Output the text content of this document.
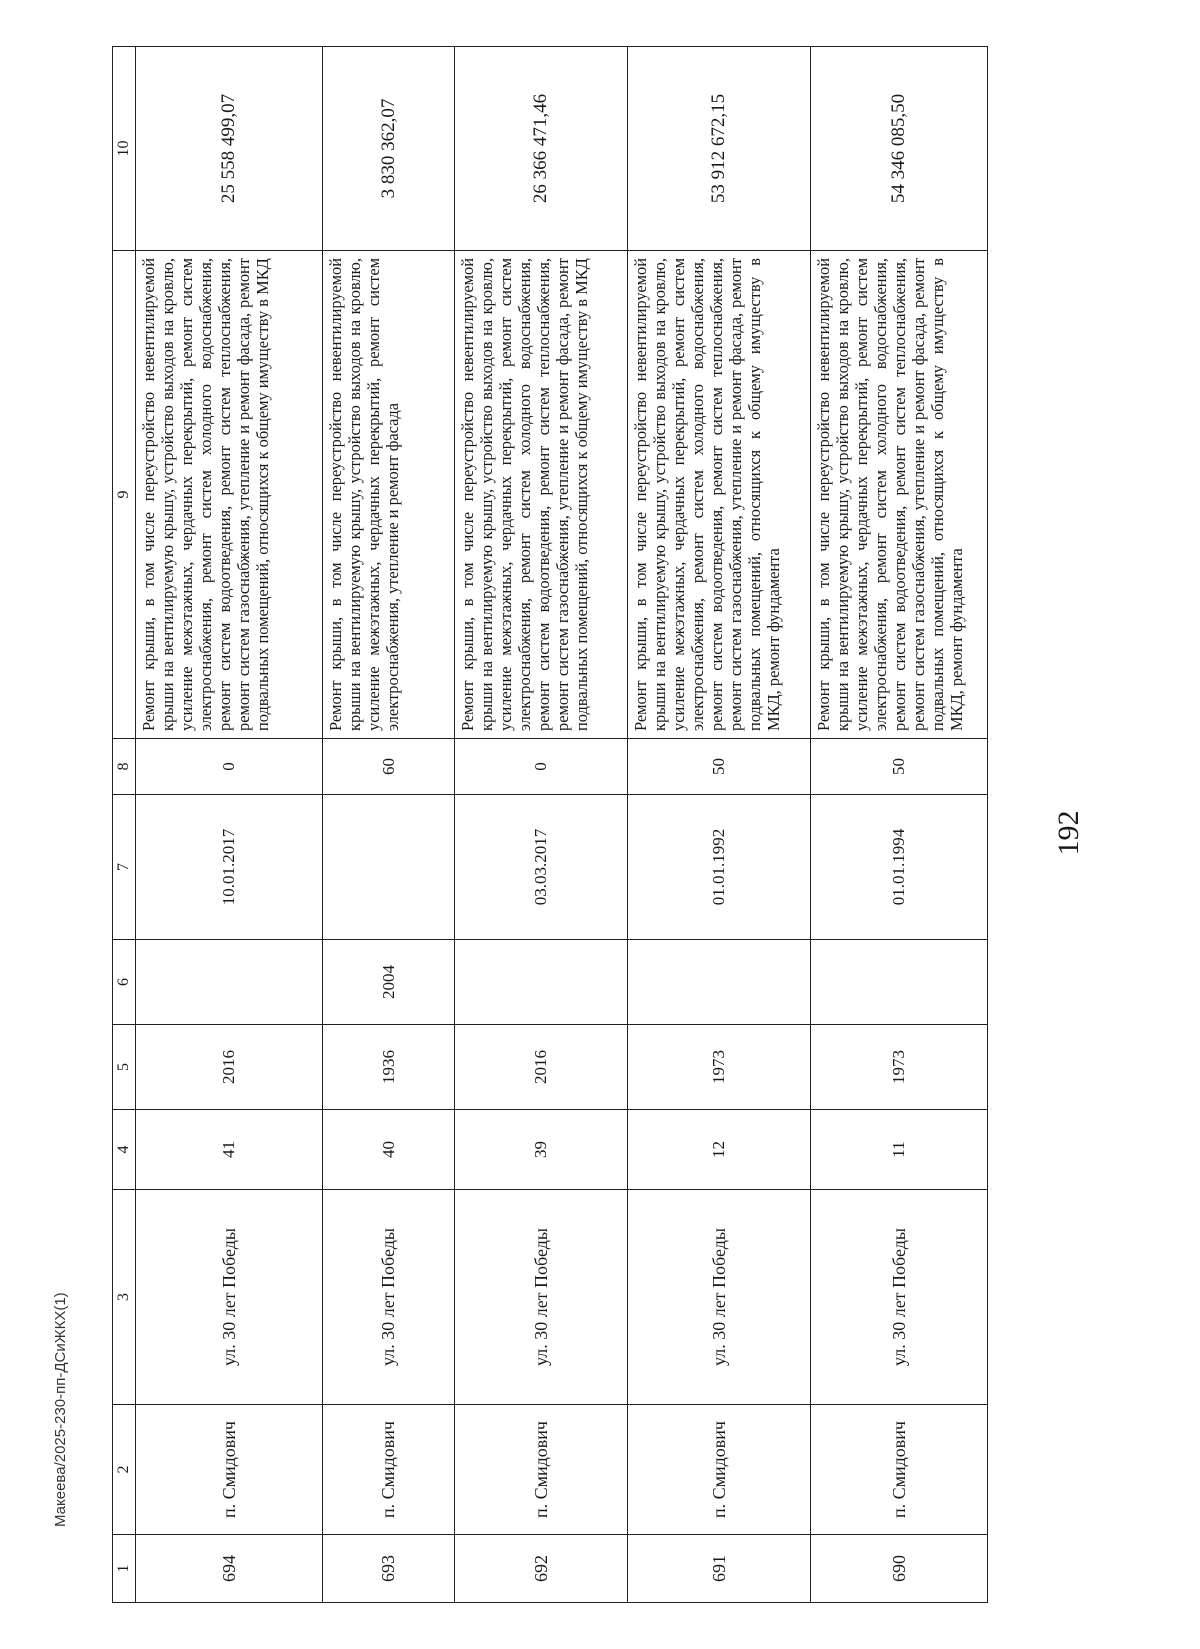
192
1	2	3	4	5	6	7	8	9	10
694	п. Смидович	ул. 30 лет Победы	41	2016		10.01.2017	0	Ремонт крыши, в том числе переустройство невентилируемой крыши на вентилируемую крышу, устройство выходов на кровлю, усиление межэтажных, чердачных перекрытий, ремонт систем электроснабжения, ремонт систем холодного водоснабжения, ремонт систем водоотведения, ремонт систем теплоснабжения, ремонт систем газоснабжения, утепление и ремонт фасада, ремонт подвальных помещений, относящихся к общему имуществу в МКД	25 558 499,07
693	п. Смидович	ул. 30 лет Победы	40	1936	2004		60	Ремонт крыши, в том числе переустройство невентилируемой крыши на вентилируемую крышу, устройство выходов на кровлю, усиление межэтажных, чердачных перекрытий, ремонт систем электроснабжения, утепление и ремонт фасада	3 830 362,07
692	п. Смидович	ул. 30 лет Победы	39	2016		03.03.2017	0	Ремонт крыши, в том числе переустройство невентилируемой крыши на вентилируемую крышу, устройство выходов на кровлю, усиление межэтажных, чердачных перекрытий, ремонт систем электроснабжения, ремонт систем холодного водоснабжения, ремонт систем водоотведения, ремонт систем теплоснабжения, ремонт систем газоснабжения, утепление и ремонт фасада, ремонт подвальных помещений, относящихся к общему имуществу в МКД	26 366 471,46
691	п. Смидович	ул. 30 лет Победы	12	1973		01.01.1992	50	Ремонт крыши, в том числе переустройство невентилируемой крыши на вентилируемую крышу, устройство выходов на кровлю, усиление межэтажных, чердачных перекрытий, ремонт систем электроснабжения, ремонт систем холодного водоснабжения, ремонт систем водоотведения, ремонт систем теплоснабжения, ремонт систем газоснабжения, утепление и ремонт фасада, ремонт подвальных помещений, относящихся к общему имуществу в МКД, ремонт фундамента	53 912 672,15
690	п. Смидович	ул. 30 лет Победы	11	1973		01.01.1994	50	Ремонт крыши, в том числе переустройство невентилируемой крыши на вентилируемую крышу, устройство выходов на кровлю, усиление межэтажных, чердачных перекрытий, ремонт систем электроснабжения, ремонт систем холодного водоснабжения, ремонт систем водоотведения, ремонт систем теплоснабжения, ремонт систем газоснабжения, утепление и ремонт фасада, ремонт подвальных помещений, относящихся к общему имуществу в МКД, ремонт фундамента	54 346 085,50
Макеева/2025-230-пп-ДСиЖКХ(1)
